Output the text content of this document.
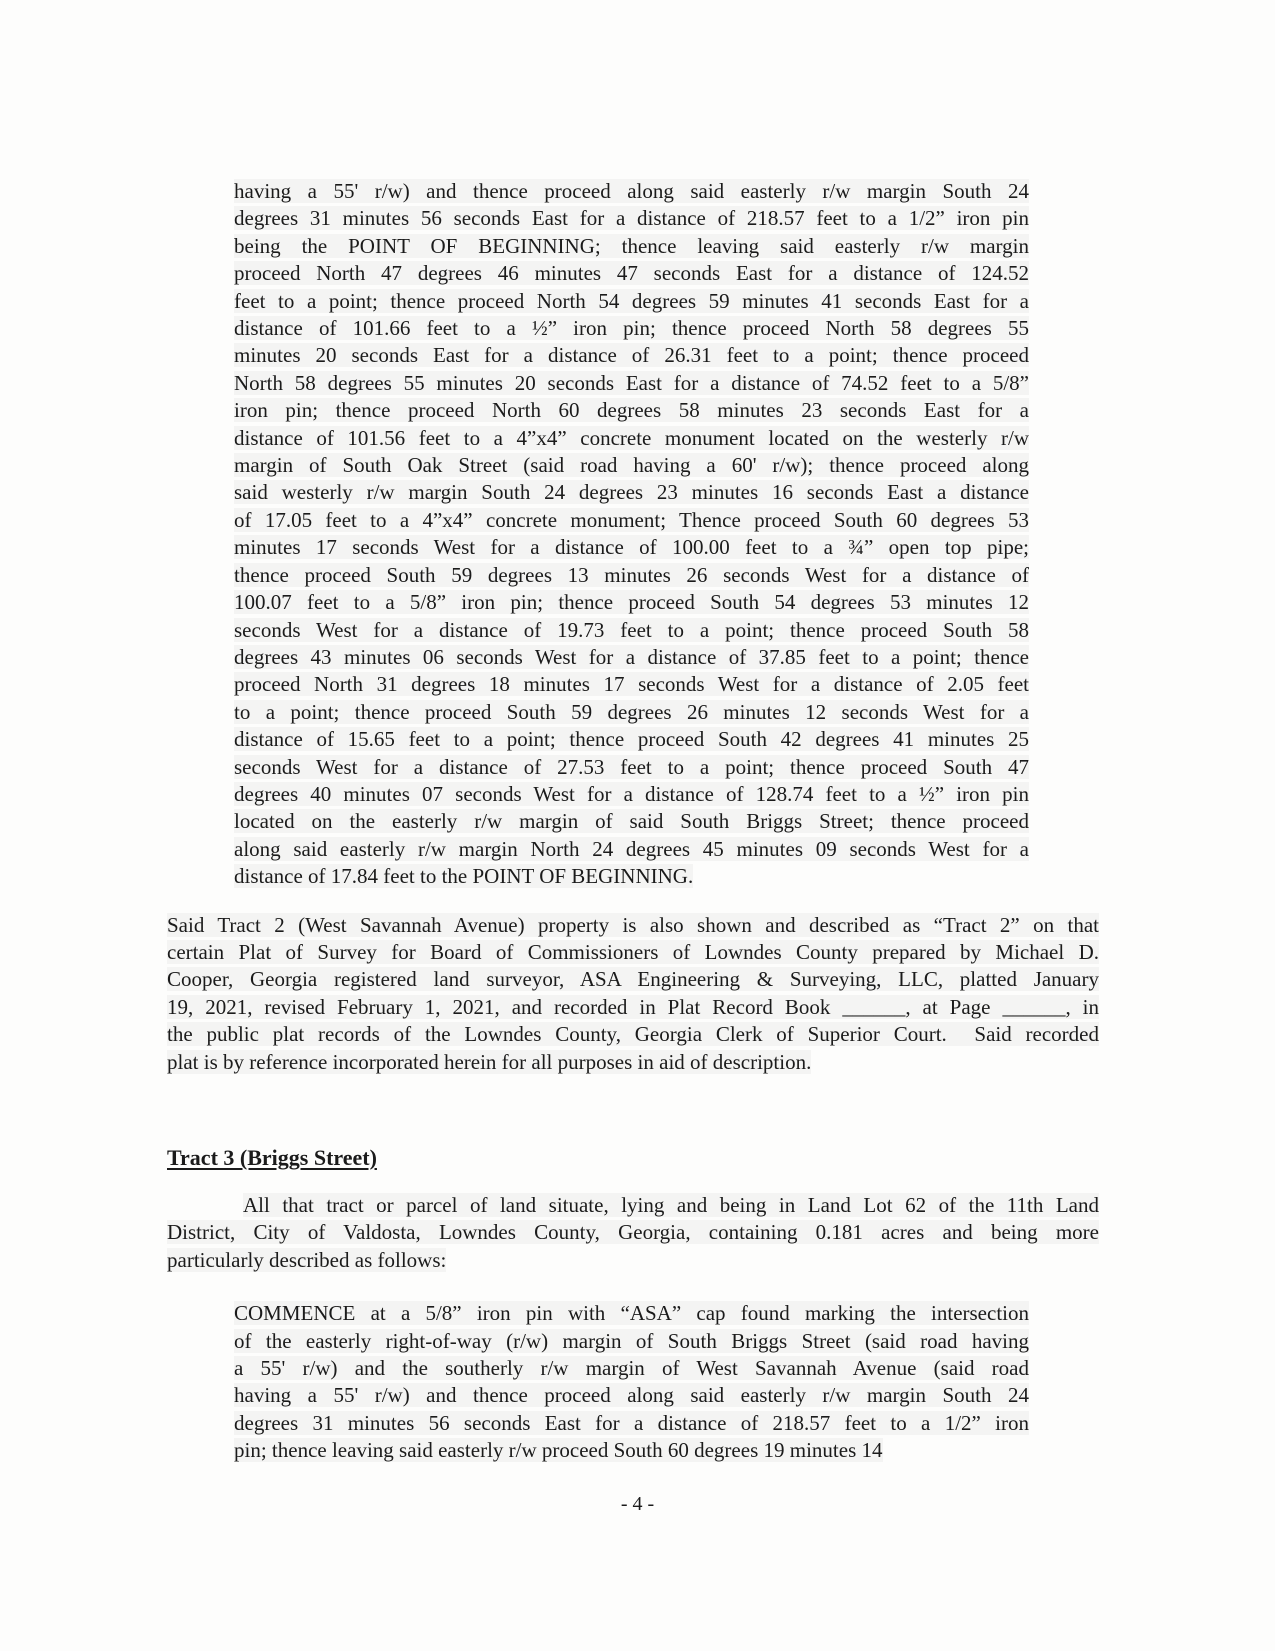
having a 55' r/w) and thence proceed along said easterly r/w margin South 24
degrees 31 minutes 56 seconds East for a distance of 218.57 feet to a 1/2” iron pin
being the POINT OF BEGINNING; thence leaving said easterly r/w margin
proceed North 47 degrees 46 minutes 47 seconds East for a distance of 124.52
feet to a point; thence proceed North 54 degrees 59 minutes 41 seconds East for a
distance of 101.66 feet to a ½” iron pin; thence proceed North 58 degrees 55
minutes 20 seconds East for a distance of 26.31 feet to a point; thence proceed
North 58 degrees 55 minutes 20 seconds East for a distance of 74.52 feet to a 5/8”
iron pin; thence proceed North 60 degrees 58 minutes 23 seconds East for a
distance of 101.56 feet to a 4”x4” concrete monument located on the westerly r/w
margin of South Oak Street (said road having a 60' r/w); thence proceed along
said westerly r/w margin South 24 degrees 23 minutes 16 seconds East a distance
of 17.05 feet to a 4”x4” concrete monument; Thence proceed South 60 degrees 53
minutes 17 seconds West for a distance of 100.00 feet to a ¾” open top pipe;
thence proceed South 59 degrees 13 minutes 26 seconds West for a distance of
100.07 feet to a 5/8” iron pin; thence proceed South 54 degrees 53 minutes 12
seconds West for a distance of 19.73 feet to a point; thence proceed South 58
degrees 43 minutes 06 seconds West for a distance of 37.85 feet to a point; thence
proceed North 31 degrees 18 minutes 17 seconds West for a distance of 2.05 feet
to a point; thence proceed South 59 degrees 26 minutes 12 seconds West for a
distance of 15.65 feet to a point; thence proceed South 42 degrees 41 minutes 25
seconds West for a distance of 27.53 feet to a point; thence proceed South 47
degrees 40 minutes 07 seconds West for a distance of 128.74 feet to a ½” iron pin
located on the easterly r/w margin of said South Briggs Street; thence proceed
along said easterly r/w margin North 24 degrees 45 minutes 09 seconds West for a
distance of 17.84 feet to the POINT OF BEGINNING.
Said Tract 2 (West Savannah Avenue) property is also shown and described as “Tract 2” on that
certain Plat of Survey for Board of Commissioners of Lowndes County prepared by Michael D.
Cooper, Georgia registered land surveyor, ASA Engineering & Surveying, LLC, platted January
19, 2021, revised February 1, 2021, and recorded in Plat Record Book ______, at Page ______, in
the public plat records of the Lowndes County, Georgia Clerk of Superior Court.  Said recorded
plat is by reference incorporated herein for all purposes in aid of description.
Tract 3 (Briggs Street)
All that tract or parcel of land situate, lying and being in Land Lot 62 of the 11th Land
District, City of Valdosta, Lowndes County, Georgia, containing 0.181 acres and being more
particularly described as follows:
COMMENCE at a 5/8” iron pin with “ASA” cap found marking the intersection
of the easterly right-of-way (r/w) margin of South Briggs Street (said road having
a 55' r/w) and the southerly r/w margin of West Savannah Avenue (said road
having a 55' r/w) and thence proceed along said easterly r/w margin South 24
degrees 31 minutes 56 seconds East for a distance of 218.57 feet to a 1/2” iron
pin; thence leaving said easterly r/w proceed South 60 degrees 19 minutes 14
- 4 -
